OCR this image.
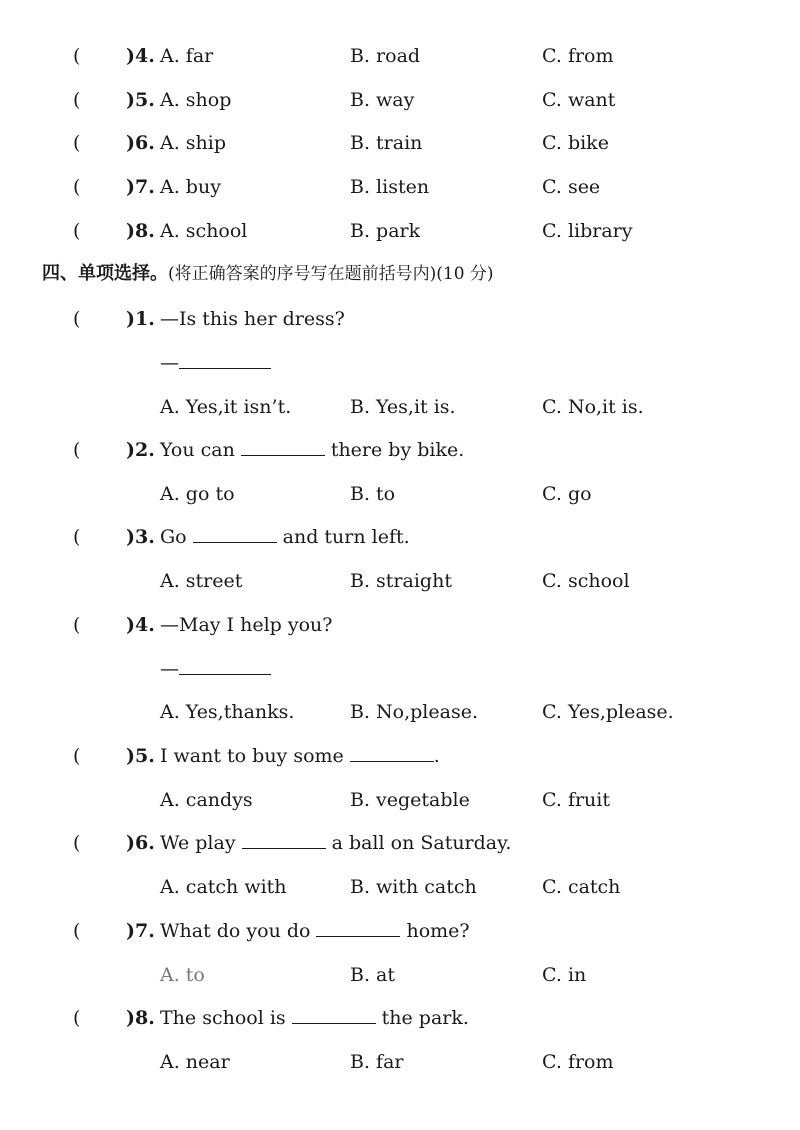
( )4. A. far	B. road	C. from
( )5. A. shop	B. way	C. want
( )6. A. ship	B. train	C. bike
( )7. A. buy	B. listen	C. see
( )8. A. school	B. park	C. library
四、单项选择。(将正确答案的序号写在题前括号内)(10 分)
( )1. —Is this her dress?
—
A. Yes,it isn’t.	B. Yes,it is.	C. No,it is.
( )2. You can	there by bike.
A. go to	B. to	C. go
( )3. Go	and turn left.
A. street	B. straight	C. school
( )4. —May I help you?
—
A. Yes,thanks.	B. No,please.	C. Yes,please.
( )5. I want to buy some	.
A. candys	B. vegetable	C. fruit
( )6. We play	a ball on Saturday.
A. catch with	B. with catch	C. catch
( )7. What do you do	home?
A. to	B. at	C. in
( )8. The school is	the park.
A. near	B. far	C. from
